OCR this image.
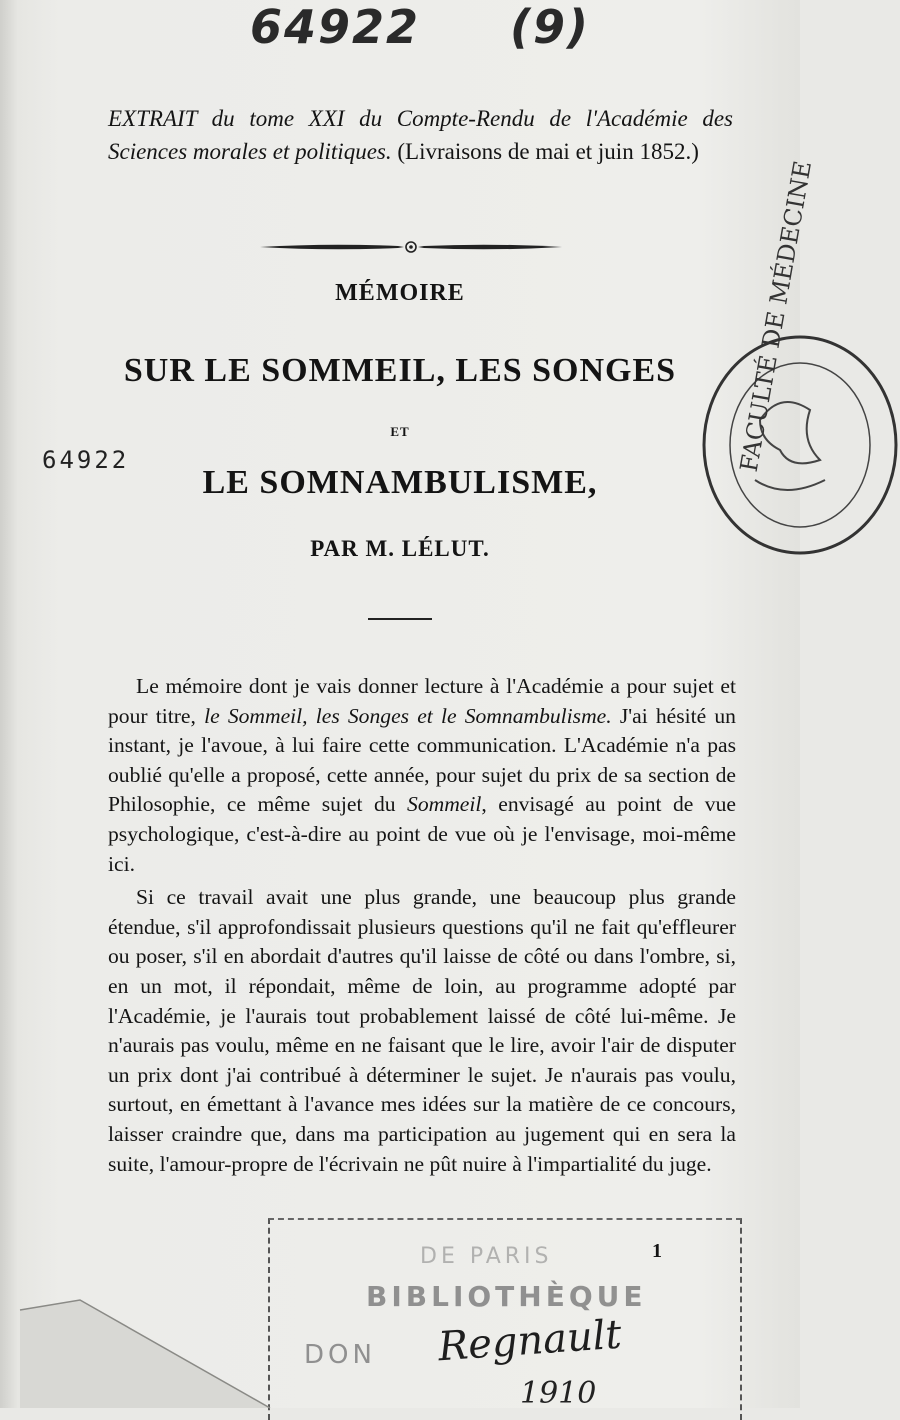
64922 (9)
64922
EXTRAIT du tome XXI du Compte-Rendu de l'Académie des Sciences morales et politiques. (Livraisons de mai et juin 1852.)
MÉMOIRE
SUR LE SOMMEIL, LES SONGES
ET
LE SOMNAMBULISME,
PAR M. LÉLUT.

Le mémoire dont je vais donner lecture à l'Académie a pour sujet et pour titre, le Sommeil, les Songes et le Somnambulisme. J'ai hésité un instant, je l'avoue, à lui faire cette communication. L'Académie n'a pas oublié qu'elle a proposé, cette année, pour sujet du prix de sa section de Philosophie, ce même sujet du Sommeil, envisagé au point de vue psychologique, c'est-à-dire au point de vue où je l'envisage, moi-même ici.

Si ce travail avait une plus grande, une beaucoup plus grande étendue, s'il approfondissait plusieurs questions qu'il ne fait qu'effleurer ou poser, s'il en abordait d'autres qu'il laisse de côté ou dans l'ombre, si, en un mot, il répondait, même de loin, au programme adopté par l'Académie, je l'aurais tout probablement laissé de côté lui-même. Je n'aurais pas voulu, même en ne faisant que le lire, avoir l'air de disputer un prix dont j'ai contribué à déterminer le sujet. Je n'aurais pas voulu, surtout, en émettant à l'avance mes idées sur la matière de ce concours, laisser craindre que, dans ma participation au jugement qui en sera la suite, l'amour-propre de l'écrivain ne pût nuire à l'impartialité du juge.

1
FACULTÉ DE MÉDECINE
DE PARIS
BIBLIOTHÈQUE
DON Regnault
1910
